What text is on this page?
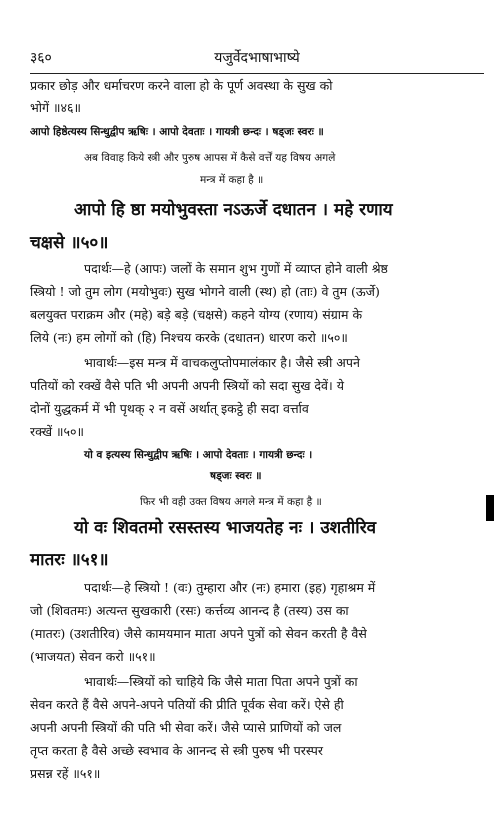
३६०	यजुर्वेदभाषाभाष्ये
प्रकार छोड़ और धर्माचरण करने वाला हो के पूर्ण अवस्था के सुख को
भोगें ॥४६॥
आपो हिष्ठेत्यस्य सिन्धुद्वीप ऋषिः । आपो देवताः । गायत्री छन्दः । षड्जः स्वरः ॥
अब विवाह किये स्त्री और पुरुष आपस में कैसे वर्त्तें यह विषय अगले
मन्त्र में कहा है ॥
आपो हि ष्ठा मयोभुवस्ता नऽऊर्जे दधातन । महे रणाय
चक्षसे ॥५०॥
पदार्थः—हे (आपः) जलों के समान शुभ गुणों में व्याप्त होने वाली श्रेष्ठ
स्त्रियो ! जो तुम लोग (मयोभुवः) सुख भोगने वाली (स्थ) हो (ताः) वे तुम (ऊर्जे)
बलयुक्त पराक्रम और (महे) बड़े बड़े (चक्षसे) कहने योग्य (रणाय) संग्राम के
लिये (नः) हम लोगों को (हि) निश्चय करके (दधातन) धारण करो ॥५०॥
भावार्थः—इस मन्त्र में वाचकलुप्तोपमालंकार है। जैसे स्त्री अपने
पतियों को रक्खें वैसे पति भी अपनी अपनी स्त्रियों को सदा सुख देवें। ये
दोनों युद्धकर्म में भी पृथक् २ न वसें अर्थात् इकट्ठे ही सदा वर्त्ताव
रक्खें ॥५०॥
यो व इत्यस्य सिन्धुद्वीप ऋषिः । आपो देवताः । गायत्री छन्दः ।
षड्जः स्वरः ॥
फिर भी वही उक्त विषय अगले मन्त्र में कहा है ॥
यो वः शिवतमो रसस्तस्य भाजयतेह नः । उशतीरिव
मातरः ॥५१॥
पदार्थः—हे स्त्रियो ! (वः) तुम्हारा और (नः) हमारा (इह) गृहाश्रम में
जो (शिवतमः) अत्यन्त सुखकारी (रसः) कर्त्तव्य आनन्द है (तस्य) उस का
(मातरः) (उशतीरिव) जैसे कामयमान माता अपने पुत्रों को सेवन करती है वैसे
(भाजयत) सेवन करो ॥५१॥
भावार्थः—स्त्रियों को चाहिये कि जैसे माता पिता अपने पुत्रों का
सेवन करते हैं वैसे अपने-अपने पतियों की प्रीति पूर्वक सेवा करें। ऐसे ही
अपनी अपनी स्त्रियों की पति भी सेवा करें। जैसे प्यासे प्राणियों को जल
तृप्त करता है वैसे अच्छे स्वभाव के आनन्द से स्त्री पुरुष भी परस्पर
प्रसन्न रहें ॥५१॥
